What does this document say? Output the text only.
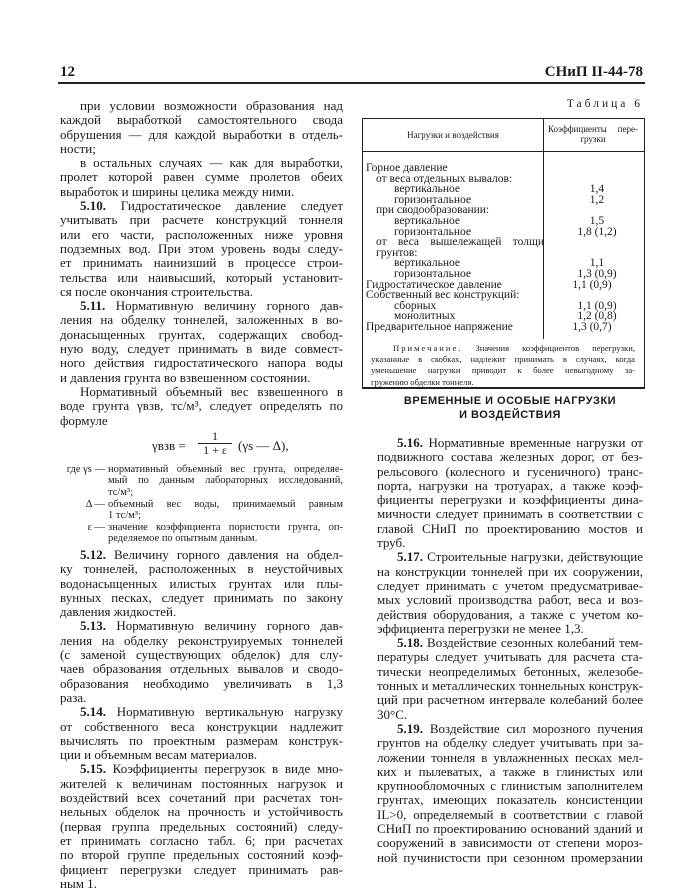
12	СНиП II-44-78
при условии возможности образования над
каждой выработкой самостоятельного свода
обрушения — для каждой выработки в отдель-
ности;
в остальных случаях — как для выработки,
пролет которой равен сумме пролетов обеих
выработок и ширины целика между ними.
5.10. Гидростатическое давление следует
учитывать при расчете конструкций тоннеля
или его части, расположенных ниже уровня
подземных вод. При этом уровень воды следу-
ет принимать наинизший в процессе строи-
тельства или наивысший, который установит-
ся после окончания строительства.
5.11. Нормативную величину горного дав-
ления на обделку тоннелей, заложенных в во-
донасыщенных грунтах, содержащих свобод-
ную воду, следует принимать в виде совмест-
ного действия гидростатического напора воды
и давления грунта во взвешенном состоянии.
Нормативный объемный вес взвешенного в
воде грунта γвзв, тс/м³, следует определять по
формуле
$\gamma взв = \frac{1}{1 + \varepsilon} (\gamma s$ — Δ),
где γs — нормативный объемный вес грунта, определяе-
мый по данным лабораторных исследований,
тс/м³;
Δ — объемный вес воды, принимаемый равным
1 тс/м³;
ε — значение коэффициента пористости грунта, оп-
ределяемое по опытным данным.
5.12. Величину горного давления на обдел-
ку тоннелей, расположенных в неустойчивых
водонасыщенных илистых грунтах или плы-
вунных песках, следует принимать по закону
давления жидкостей.
5.13. Нормативную величину горного дав-
ления на обделку реконструируемых тоннелей
(с заменой существующих обделок) для слу-
чаев образования отдельных вывалов и сводо-
образования необходимо увеличивать в 1,3
раза.
5.14. Нормативную вертикальную нагрузку
от собственного веса конструкции надлежит
вычислять по проектным размерам конструк-
ции и объемным весам материалов.
5.15. Коэффициенты перегрузок в виде мно-
жителей к величинам постоянных нагрузок и
воздействий всех сочетаний при расчетах тон-
нельных обделок на прочность и устойчивость
(первая группа предельных состояний) следу-
ет принимать согласно табл. 6; при расчетах
по второй группе предельных состояний коэф-
фициент перегрузки следует принимать рав-
ным 1.
Таблица 6
Нагрузки и воздействия
Коэффициенты пере-
грузки
Горное давление
от веса отдельных вывалов:
вертикальное	1,4
горизонтальное	1,2
при сводообразовании:
вертикальное	1,5
горизонтальное	1,8 (1,2)
от веса вышележащей толщи
грунтов:
вертикальное	1,1
горизонтальное	1,3 (0,9)
Гидростатическое давление	1,1 (0,9)
Собственный вес конструкций:
сборных	1,1 (0,9)
монолитных	1,2 (0,8)
Предварительное напряжение	1,3 (0,7)
Примечание. Значения коэффициентов перегрузки,
указанные в скобках, надлежит принимать в случаях, когда
уменьшение нагрузки приводит к более невыгодному за-
гружению обделки тоннеля.
ВРЕМЕННЫЕ И ОСОБЫЕ НАГРУЗКИ
И ВОЗДЕЙСТВИЯ
5.16. Нормативные временные нагрузки от
подвижного состава железных дорог, от без-
рельсового (колесного и гусеничного) транс-
порта, нагрузки на тротуарах, а также коэф-
фициенты перегрузки и коэффициенты дина-
мичности следует принимать в соответствии с
главой СНиП по проектированию мостов и
труб.
5.17. Строительные нагрузки, действующие
на конструкции тоннелей при их сооружении,
следует принимать с учетом предусматривае-
мых условий производства работ, веса и воз-
действия оборудования, а также с учетом ко-
эффициента перегрузки не менее 1,3.
5.18. Воздействие сезонных колебаний тем-
пературы следует учитывать для расчета ста-
тически неопределимых бетонных, железобе-
тонных и металлических тоннельных конструк-
ций при расчетном интервале колебаний более
30°С.
5.19. Воздействие сил морозного пучения
грунтов на обделку следует учитывать при за-
ложении тоннеля в увлажненных песках мел-
ких и пылеватых, а также в глинистых или
крупнообломочных с глинистым заполнителем
грунтах, имеющих показатель консистенции
IL>0, определяемый в соответствии с главой
СНиП по проектированию оснований зданий и
сооружений в зависимости от степени мороз-
ной пучинистости при сезонном промерзании
